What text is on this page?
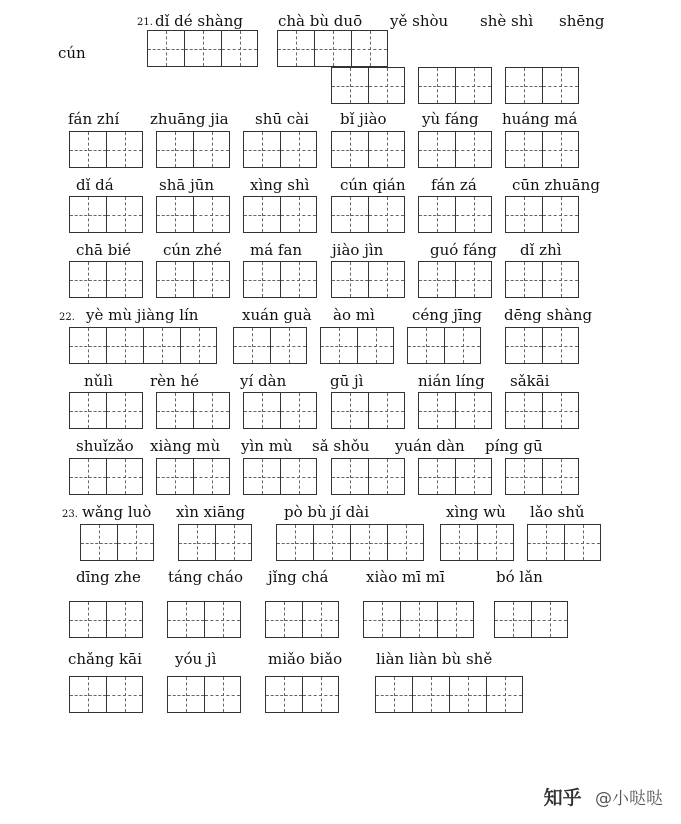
21. dǐ dé shàng chà bù duō yě shòu shè shì shēng
cún
fán zhí zhuāng jia shū cài bǐ jiào yù fáng huáng má
dǐ dá	shā jūn xìng shì cún qián fán zá cūn zhuāng
chā bié cún zhé má fan jiào jìn	guó fáng dǐ zhì
22. yè mù jiàng lín	xuán guà ào mì céng jīng dēng shàng
nǔlì rèn hé	yí dàn	gū jì	nián líng sǎkāi
shuǐzǎo xiàng mù yìn mù sǎ shǒu yuán dàn píng gū
23. wǎng luò xìn xiāng	pò bù jí dài	xìng wù lǎo shǔ
dīng zhe táng cháo jǐng chá	xiào mī mī	bó lǎn
chǎng kāi yóu jì	miǎo biǎo liàn liàn bù shě
知乎 @小哒哒
